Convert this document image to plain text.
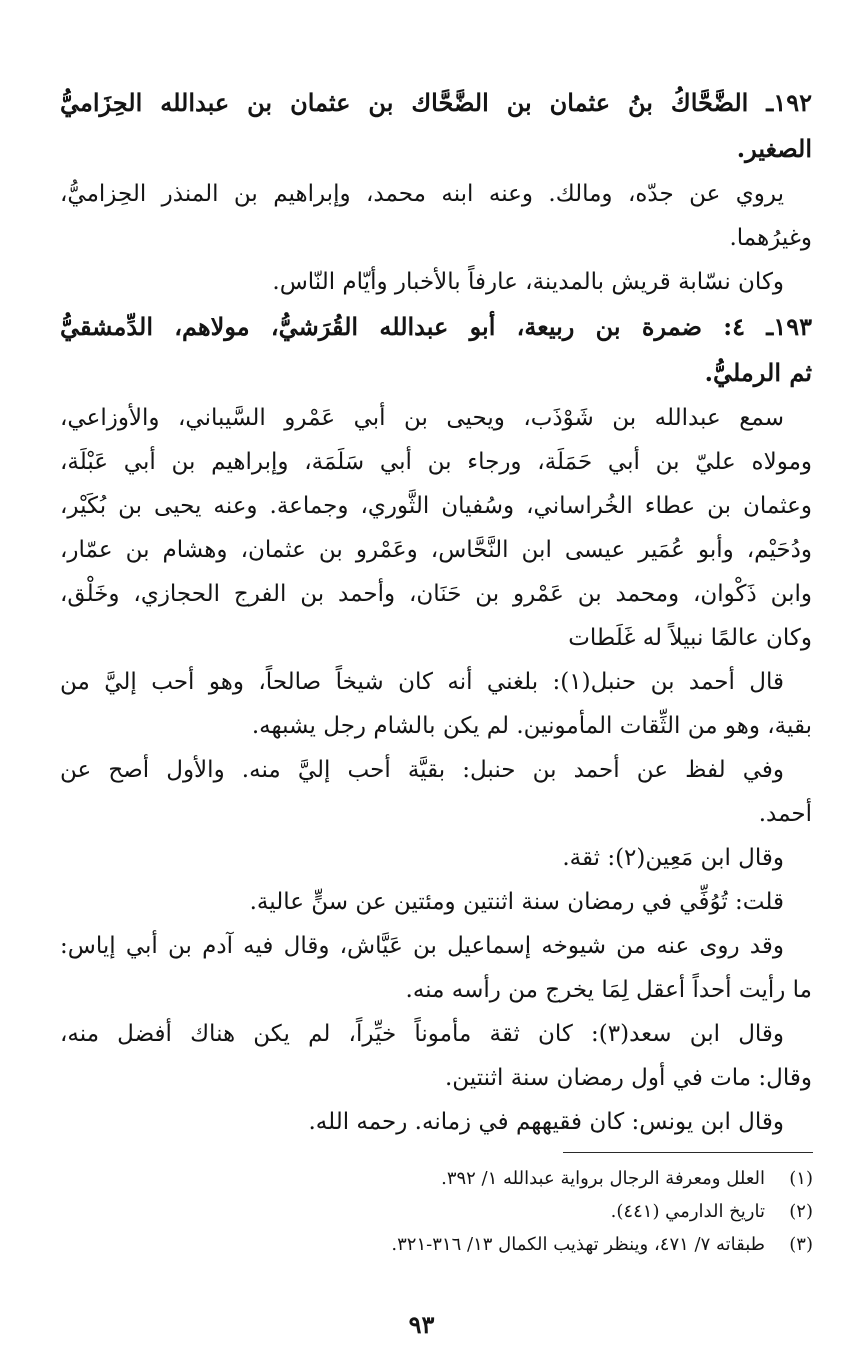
١٩٢ـ الضَّحَّاكُ بنُ عثمان بن الضَّحَّاك بن عثمان بن عبدالله الحِزَاميُّ
الصغير.
يروي عن جدّه، ومالك. وعنه ابنه محمد، وإبراهيم بن المنذر الحِزاميُّ،
وغيرُهما.
وكان نسّابة قريش بالمدينة، عارفاً بالأخبار وأيّام النّاس.
١٩٣ـ ٤: ضمرة بن ربيعة، أبو عبدالله القُرَشيُّ، مولاهم، الدِّمشقيُّ
ثم الرمليُّ.
سمع عبدالله بن شَوْذَب، ويحيى بن أبي عَمْرو السَّيباني، والأوزاعي،
ومولاه عليّ بن أبي حَمَلَة، ورجاء بن أبي سَلَمَة، وإبراهيم بن أبي عَبْلَة،
وعثمان بن عطاء الخُراساني، وسُفيان الثَّوري، وجماعة. وعنه يحيى بن بُكَيْر،
ودُحَيْم، وأبو عُمَير عيسى ابن النَّحَّاس، وعَمْرو بن عثمان، وهشام بن عمّار،
وابن ذَكْوان، ومحمد بن عَمْرو بن حَنَان، وأحمد بن الفرج الحجازي، وخَلْق،
وكان عالمًا نبيلاً له غَلَطات
قال أحمد بن حنبل(١): بلغني أنه كان شيخاً صالحاً، وهو أحب إليَّ من
بقية، وهو من الثِّقات المأمونين. لم يكن بالشام رجل يشبهه.
وفي لفظ عن أحمد بن حنبل: بقيَّة أحب إليَّ منه. والأول أصح عن
أحمد.
وقال ابن مَعِين(٢): ثقة.
قلت: تُوُفِّي في رمضان سنة اثنتين ومئتين عن سنٍّ عالية.
وقد روى عنه من شيوخه إسماعيل بن عَيَّاش، وقال فيه آدم بن أبي إياس:
ما رأيت أحداً أعقل لِمَا يخرج من رأسه منه.
وقال ابن سعد(٣): كان ثقة مأموناً خيِّراً، لم يكن هناك أفضل منه،
وقال: مات في أول رمضان سنة اثنتين.
وقال ابن يونس: كان فقيههم في زمانه. رحمه الله.
(١)
العلل ومعرفة الرجال برواية عبدالله ١/ ٣٩٢.
(٢)
تاريخ الدارمي (٤٤١).
(٣)
طبقاته ٧/ ٤٧١، وينظر تهذيب الكمال ١٣/ ٣١٦-٣٢١.
٩٣
